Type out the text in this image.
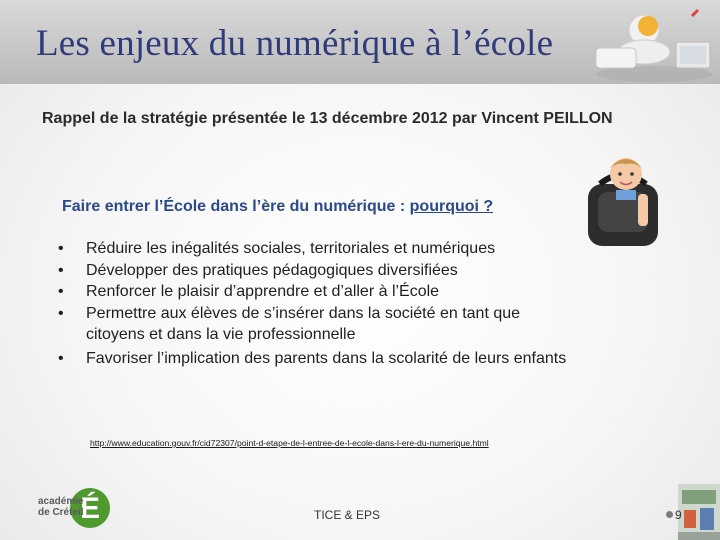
Les enjeux du numérique à l’école
Rappel de la stratégie présentée le 13 décembre 2012 par Vincent PEILLON
Faire entrer l’École dans l’ère du numérique : pourquoi ?
• Réduire les inégalités sociales, territoriales et numériques
• Développer des pratiques pédagogiques diversifiées
• Renforcer le plaisir d’apprendre et d’aller à l’École
• Permettre aux élèves de s’insérer dans la société en tant que citoyens et dans la vie professionnelle
• Favoriser l’implication des parents dans la scolarité de leurs enfants
http://www.education.gouv.fr/cid72307/point-d-etape-de-l-entree-de-l-ecole-dans-l-ere-du-numerique.html
É
académie
de Créteil	TICE & EPS	9
